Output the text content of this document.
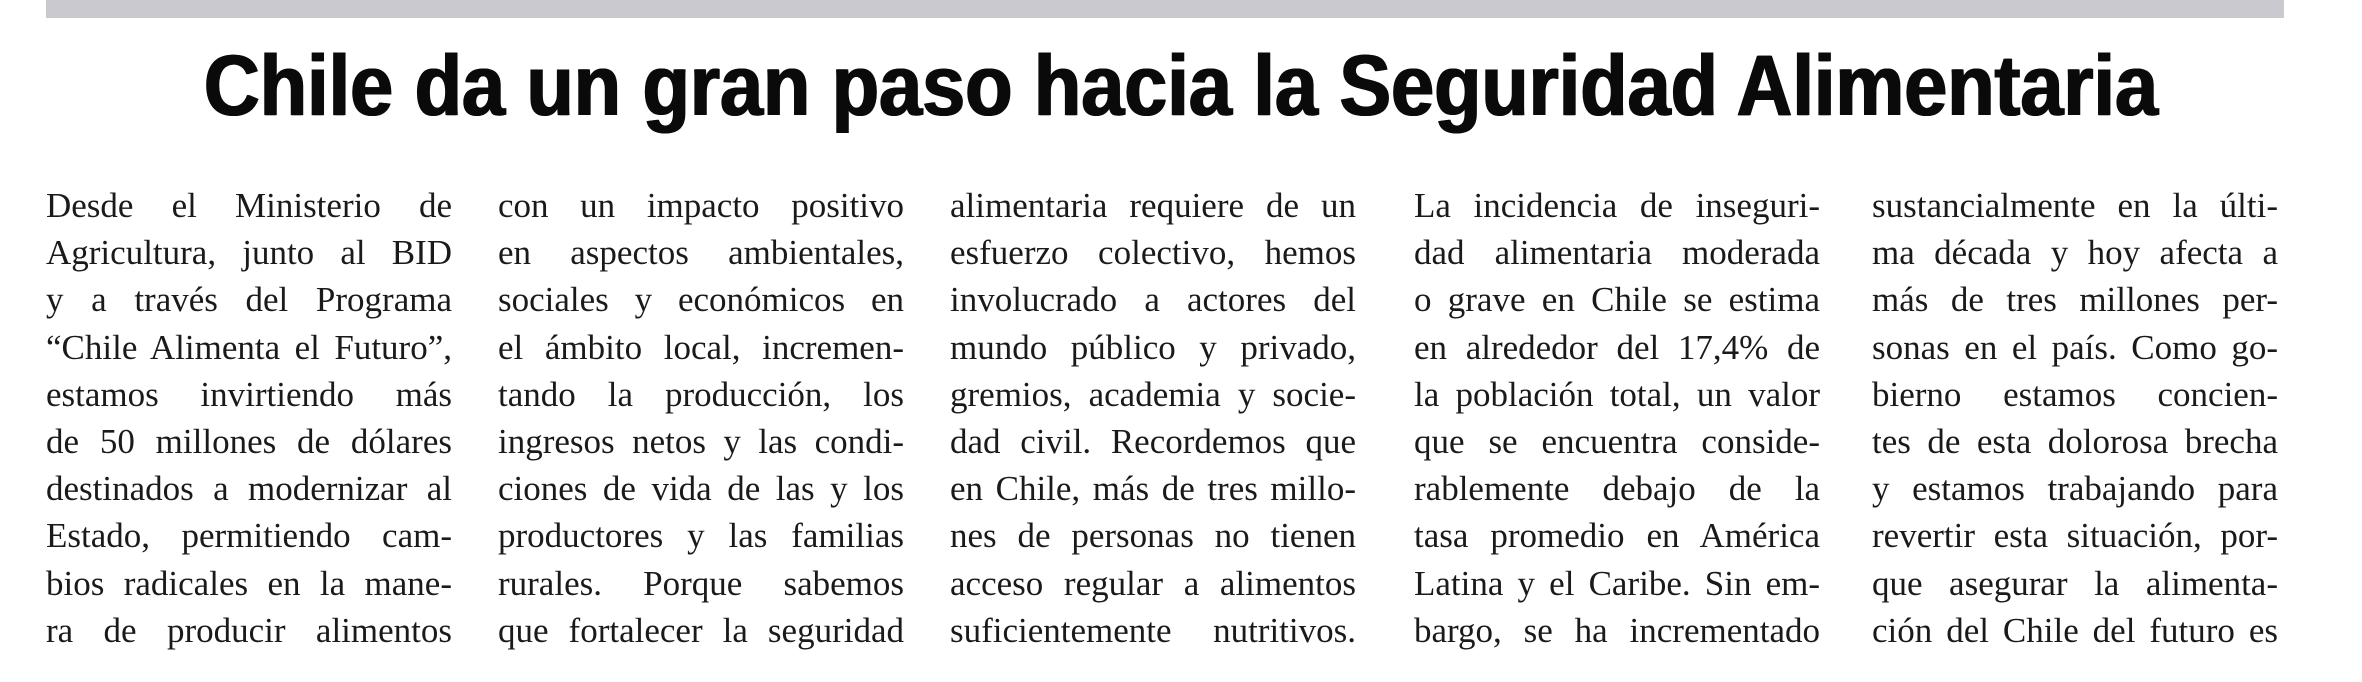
Chile da un gran paso hacia la Seguridad Alimentaria
Desde el Ministerio de
Agricultura, junto al BID
y a través del Programa
“Chile Alimenta el Futuro”,
estamos invirtiendo más
de 50 millones de dólares
destinados a modernizar al
Estado, permitiendo cam-
bios radicales en la mane-
ra de producir alimentos
con un impacto positivo
en aspectos ambientales,
sociales y económicos en
el ámbito local, incremen-
tando la producción, los
ingresos netos y las condi-
ciones de vida de las y los
productores y las familias
rurales. Porque sabemos
que fortalecer la seguridad
alimentaria requiere de un
esfuerzo colectivo, hemos
involucrado a actores del
mundo público y privado,
gremios, academia y socie-
dad civil. Recordemos que
en Chile, más de tres millo-
nes de personas no tienen
acceso regular a alimentos
suficientemente nutritivos.
La incidencia de inseguri-
dad alimentaria moderada
o grave en Chile se estima
en alrededor del 17,4% de
la población total, un valor
que se encuentra conside-
rablemente debajo de la
tasa promedio en América
Latina y el Caribe. Sin em-
bargo, se ha incrementado
sustancialmente en la últi-
ma década y hoy afecta a
más de tres millones per-
sonas en el país. Como go-
bierno estamos concien-
tes de esta dolorosa brecha
y estamos trabajando para
revertir esta situación, por-
que asegurar la alimenta-
ción del Chile del futuro es
